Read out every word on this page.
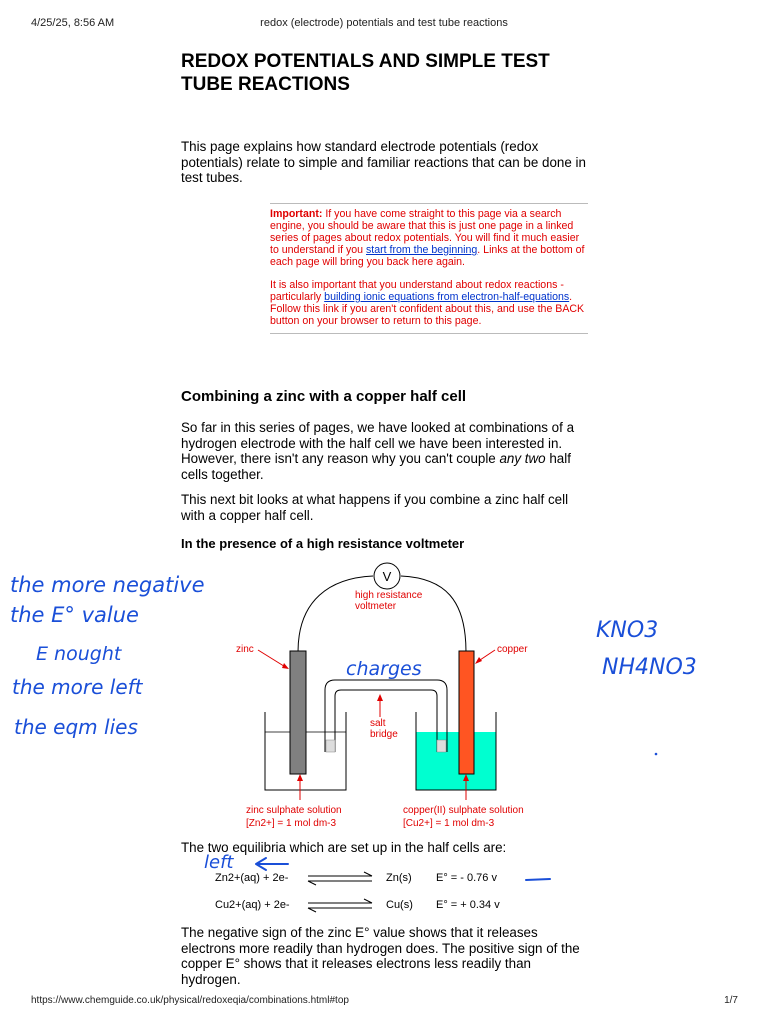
4/25/25, 8:56 AM	redox (electrode) potentials and test tube reactions
https://www.chemguide.co.uk/physical/redoxeqia/combinations.html#top	1/7
REDOX POTENTIALS AND SIMPLE TEST TUBE REACTIONS
This page explains how standard electrode potentials (redox potentials) relate to simple and familiar reactions that can be done in test tubes.
Important: If you have come straight to this page via a search engine, you should be aware that this is just one page in a linked series of pages about redox potentials. You will find it much easier to understand if you start from the beginning. Links at the bottom of each page will bring you back here again.
It is also important that you understand about redox reactions - particularly building ionic equations from electron-half-equations. Follow this link if you aren't confident about this, and use the BACK button on your browser to return to this page.
Combining a zinc with a copper half cell
So far in this series of pages, we have looked at combinations of a hydrogen electrode with the half cell we have been interested in. However, there isn't any reason why you can't couple any two half cells together.
This next bit looks at what happens if you combine a zinc half cell with a copper half cell.
In the presence of a high resistance voltmeter
The two equilibria which are set up in the half cells are:
The negative sign of the zinc E° value shows that it releases electrons more readily than hydrogen does. The positive sign of the copper E° shows that it releases electrons less readily than hydrogen.
V
high resistance
voltmeter
zinc	copper
salt
bridge
zinc sulphate solution
[Zn2+] = 1 mol dm-3
copper(II) sulphate solution
[Cu2+] = 1 mol dm-3
Zn2+(aq) + 2e-	Zn(s) E° = - 0.76 v
Cu2+(aq) + 2e-	Cu(s) E° = + 0.34 v
the more negative
the E° value
E nought
the more left
the eqm lies
charges
KNO3
NH4NO3
left
